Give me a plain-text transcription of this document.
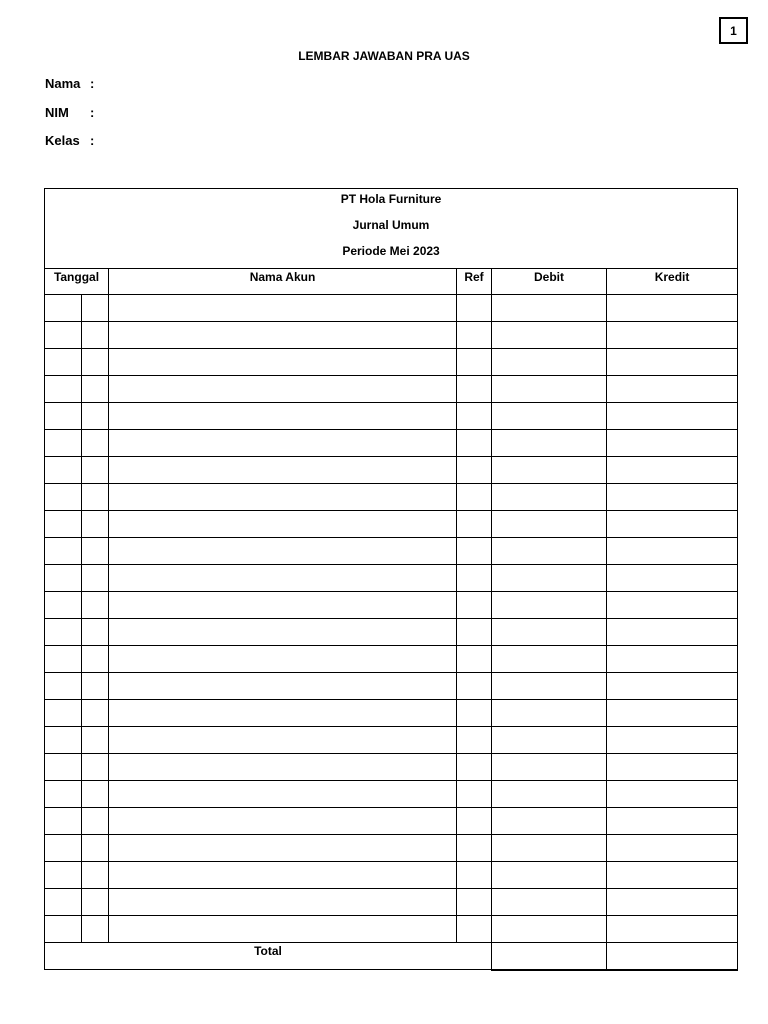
1
LEMBAR JAWABAN PRA UAS
Nama :
NIM :
Kelas :
PT Hola Furniture
Jurnal Umum
Periode Mei 2023					

Tanggal		Nama Akun	Ref	Debit	Kredit

Total					
